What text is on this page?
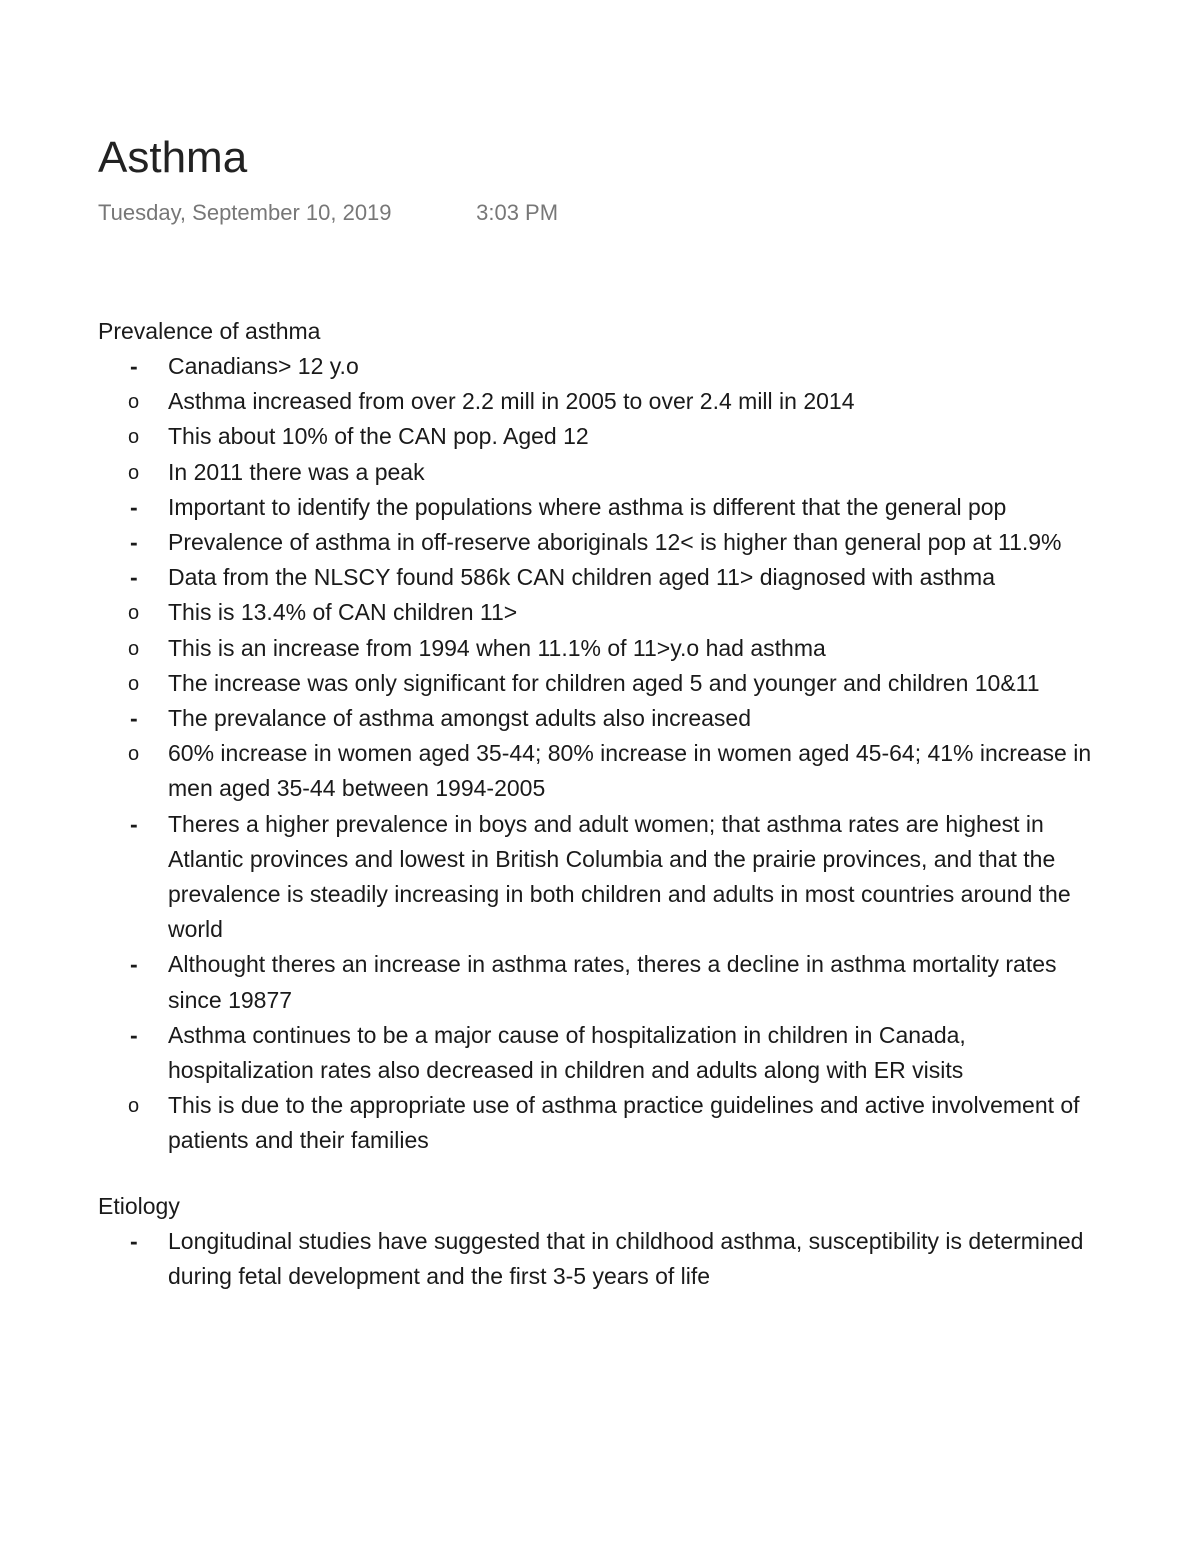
Asthma
Tuesday, September 10, 2019	3:03 PM
Prevalence of asthma
- Canadians> 12 y.o
o Asthma increased from over 2.2 mill in 2005 to over 2.4 mill in 2014
o This about 10% of the CAN pop. Aged 12
o In 2011 there was a peak
- Important to identify the populations where asthma is different that the general pop
- Prevalence of asthma in off-reserve aboriginals 12< is higher than general pop at 11.9%
- Data from the NLSCY found 586k CAN children aged 11> diagnosed with asthma
o This is 13.4% of CAN children 11>
o This is an increase from 1994 when 11.1% of 11>y.o had asthma
o The increase was only significant for children aged 5 and younger and children 10&11
- The prevalance of asthma amongst adults also increased
o 60% increase in women aged 35-44; 80% increase in women aged 45-64; 41% increase in men aged 35-44 between 1994-2005
- Theres a higher prevalence in boys and adult women; that asthma rates are highest in Atlantic provinces and lowest in British Columbia and the prairie provinces, and that the prevalence is steadily increasing in both children and adults in most countries around the world
- Althought theres an increase in asthma rates, theres a decline in asthma mortality rates since 19877
- Asthma continues to be a major cause of hospitalization in children in Canada, hospitalization rates also decreased in children and adults along with ER visits
o This is due to the appropriate use of asthma practice guidelines and active involvement of patients and their families
Etiology
- Longitudinal studies have suggested that in childhood asthma, susceptibility is determined during fetal development and the first 3-5 years of life
